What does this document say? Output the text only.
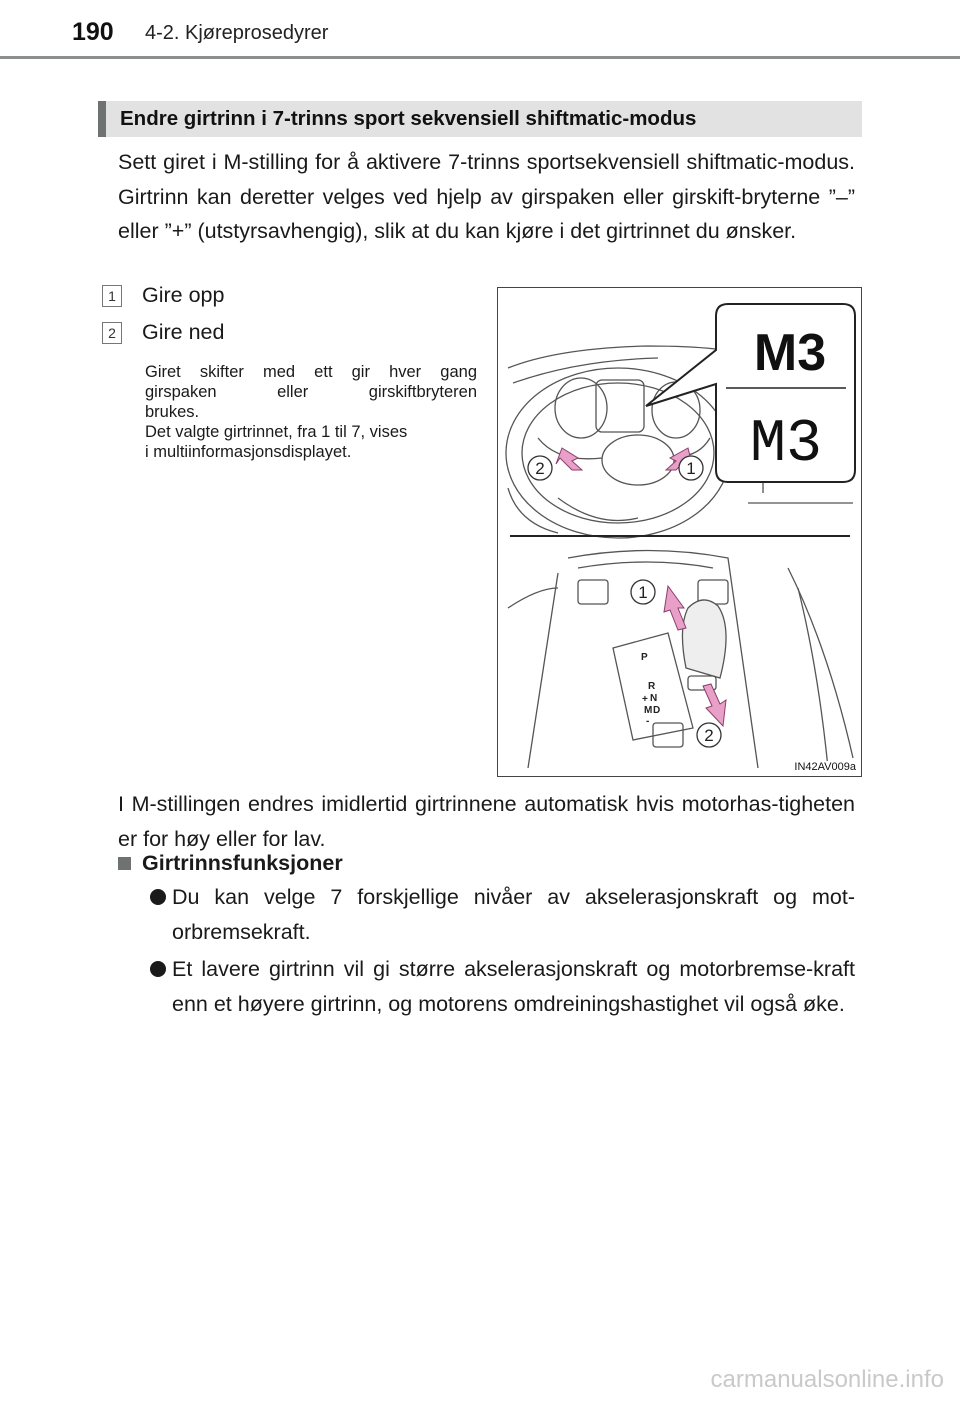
190 4-2. Kjøreprosedyrer
Endre girtrinn i 7-trinns sport sekvensiell shiftmatic-modus

Sett giret i M-stilling for å aktivere 7-trinns sportsekvensiell shiftmatic-modus. Girtrinn kan deretter velges ved hjelp av girspaken eller girskift-bryterne ”–” eller ”+” (utstyrsavhengig), slik at du kan kjøre i det girtrinnet du ønsker.

1 Gire opp
2 Gire ned
Giret skifter med ett gir hver gang
girspaken eller girskiftbryteren
brukes.
Det valgte girtrinnet, fra 1 til 7, vises
i multiinformasjonsdisplayet.
2	1
M3
M3
P
R
N
D
M
+
-
1
2
IN42AV009a

I M-stillingen endres imidlertid girtrinnene automatisk hvis motorhas-tigheten er for høy eller for lav.

Girtrinnsfunksjoner
Du kan velge 7 forskjellige nivåer av akselerasjonskraft og mot-orbremsekraft.
Et lavere girtrinn vil gi større akselerasjonskraft og motorbremse-kraft enn et høyere girtrinn, og motorens omdreiningshastighet vil også øke.
carmanualsonline.info
